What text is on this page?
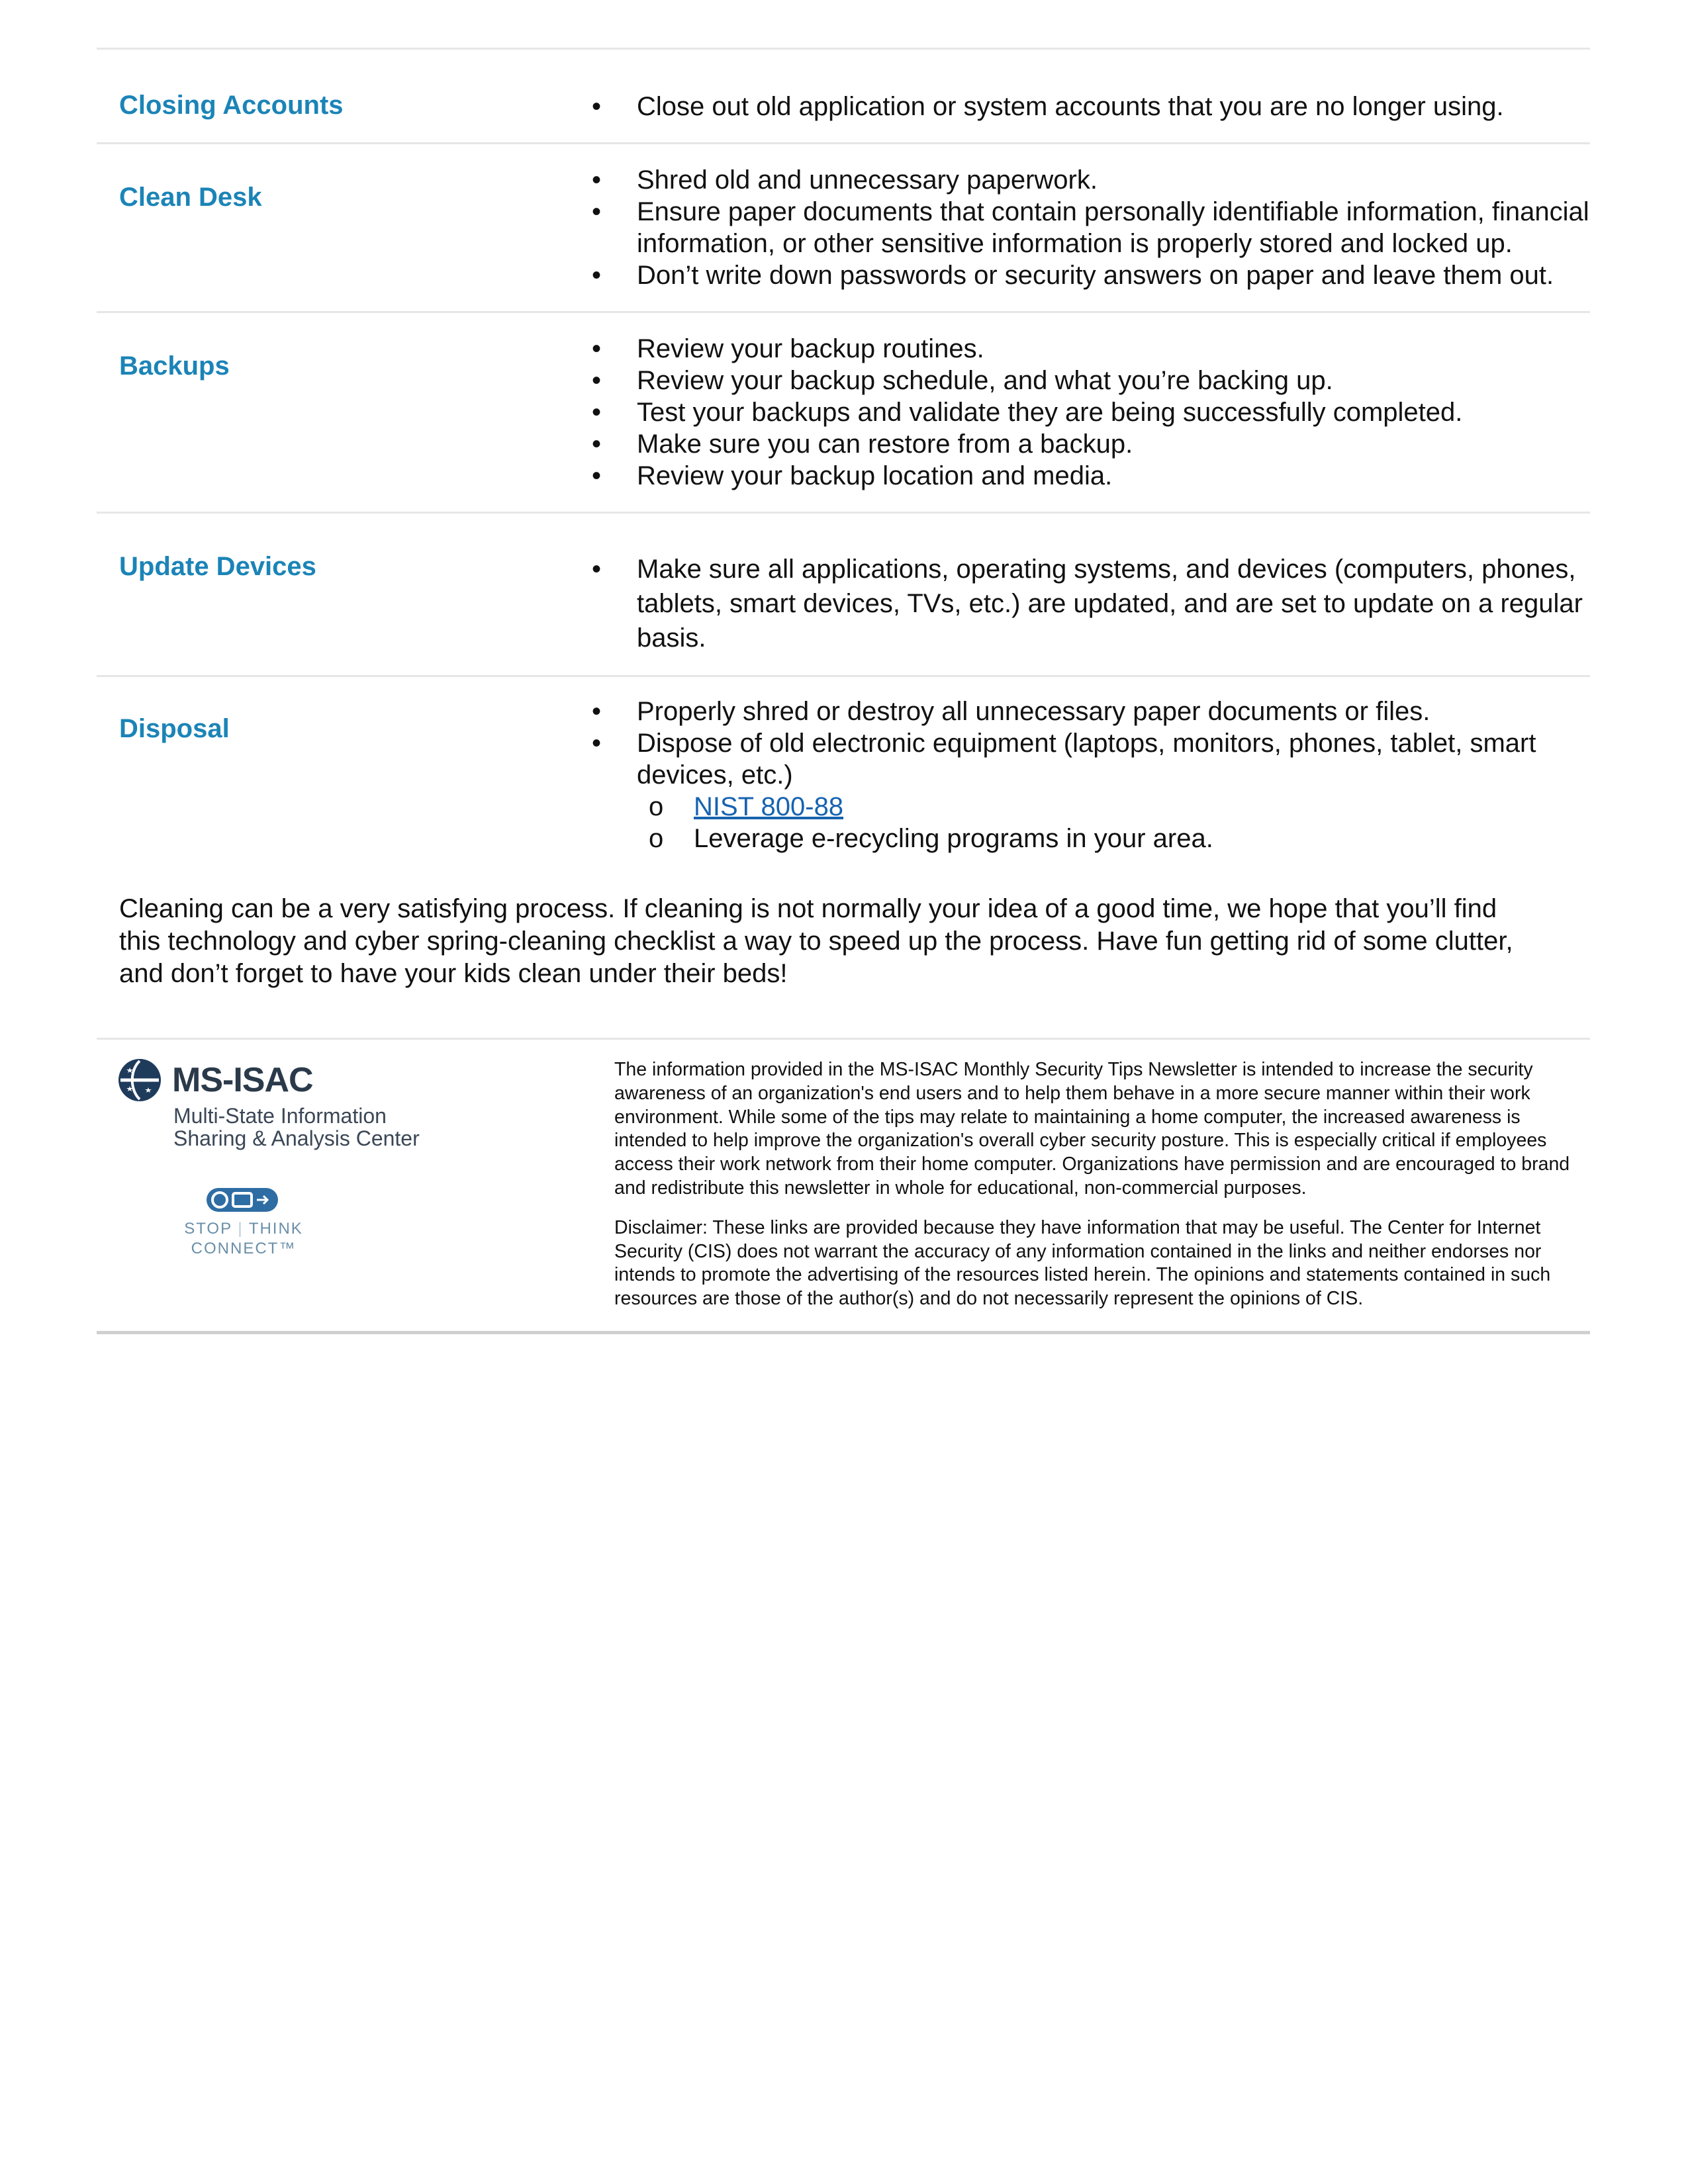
Closing Accounts	• Close out old application or system accounts that you are no longer using.
Clean Desk
• Shred old and unnecessary paperwork.
• Ensure paper documents that contain personally identifiable information, financial information, or other sensitive information is properly stored and locked up.
• Don’t write down passwords or security answers on paper and leave them out.
Backups
• Review your backup routines.
• Review your backup schedule, and what you’re backing up.
• Test your backups and validate they are being successfully completed.
• Make sure you can restore from a backup.
• Review your backup location and media.
Update Devices	• Make sure all applications, operating systems, and devices (computers, phones, tablets, smart devices, TVs, etc.) are updated, and are set to update on a regular basis.
Disposal
• Properly shred or destroy all unnecessary paper documents or files.
• Dispose of old electronic equipment (laptops, monitors, phones, tablet, smart devices, etc.)
o NIST 800-88
o Leverage e-recycling programs in your area.
Cleaning can be a very satisfying process. If cleaning is not normally your idea of a good time, we hope that you’ll find this technology and cyber spring-cleaning checklist a way to speed up the process. Have fun getting rid of some clutter, and don’t forget to have your kids clean under their beds!
MS-ISAC
Multi-State Information
Sharing & Analysis Center
STOP | THINK
CONNECT™

The information provided in the MS-ISAC Monthly Security Tips Newsletter is intended to increase the security awareness of an organization's end users and to help them behave in a more secure manner within their work environment. While some of the tips may relate to maintaining a home computer, the increased awareness is intended to help improve the organization's overall cyber security posture. This is especially critical if employees access their work network from their home computer. Organizations have permission and are encouraged to brand and redistribute this newsletter in whole for educational, non-commercial purposes.

Disclaimer: These links are provided because they have information that may be useful. The Center for Internet Security (CIS) does not warrant the accuracy of any information contained in the links and neither endorses nor intends to promote the advertising of the resources listed herein. The opinions and statements contained in such resources are those of the author(s) and do not necessarily represent the opinions of CIS.
